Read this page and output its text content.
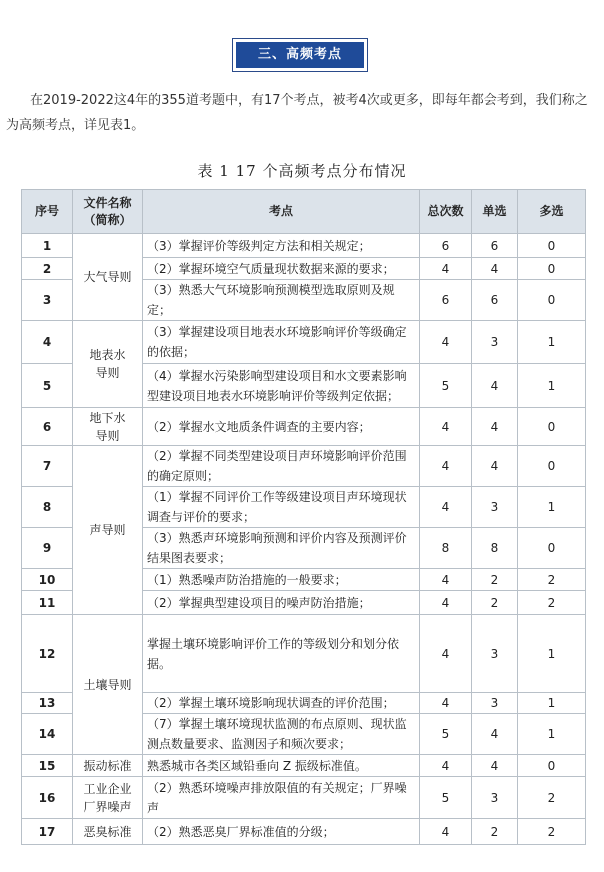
三、高频考点
在2019-2022这4年的355道考题中，有17个考点，被考4次或更多，即每年都会考到，我们称之为高频考点，详见表1。
表 1 17 个高频考点分布情况
序号	文件名称（简称）	考点	总次数	单选	多选
1	大气导则	（3）掌握评价等级判定方法和相关规定；	6	6	0
2		（2）掌握环境空气质量现状数据来源的要求；	4	4	0
3		（3）熟悉大气环境影响预测模型选取原则及规定；	6	6	0
4	地表水导则	（3）掌握建设项目地表水环境影响评价等级确定的依据；	4	3	1
5		（4）掌握水污染影响型建设项目和水文要素影响型建设项目地表水环境影响评价等级判定依据；	5	4	1
6	地下水导则	（2）掌握水文地质条件调查的主要内容；	4	4	0
7	声导则	（2）掌握不同类型建设项目声环境影响评价范围的确定原则；	4	4	0
8		（1）掌握不同评价工作等级建设项目声环境现状调查与评价的要求；	4	3	1
9		（3）熟悉声环境影响预测和评价内容及预测评价结果图表要求；	8	8	0
10		（1）熟悉噪声防治措施的一般要求；	4	2	2
11		（2）掌握典型建设项目的噪声防治措施；	4	2	2
12	土壤导则	掌握土壤环境影响评价工作的等级划分和划分依据。	4	3	1
13		（2）掌握土壤环境影响现状调查的评价范围；	4	3	1
14		（7）掌握土壤环境现状监测的布点原则、现状监测点数量要求、监测因子和频次要求；	5	4	1
15	振动标准	熟悉城市各类区域铅垂向 Z 振级标准值。	4	4	0
16	工业企业厂界噪声	（2）熟悉环境噪声排放限值的有关规定；厂界噪声	5	3	2
17	恶臭标准	（2）熟悉恶臭厂界标准值的分级；	4	2	2
